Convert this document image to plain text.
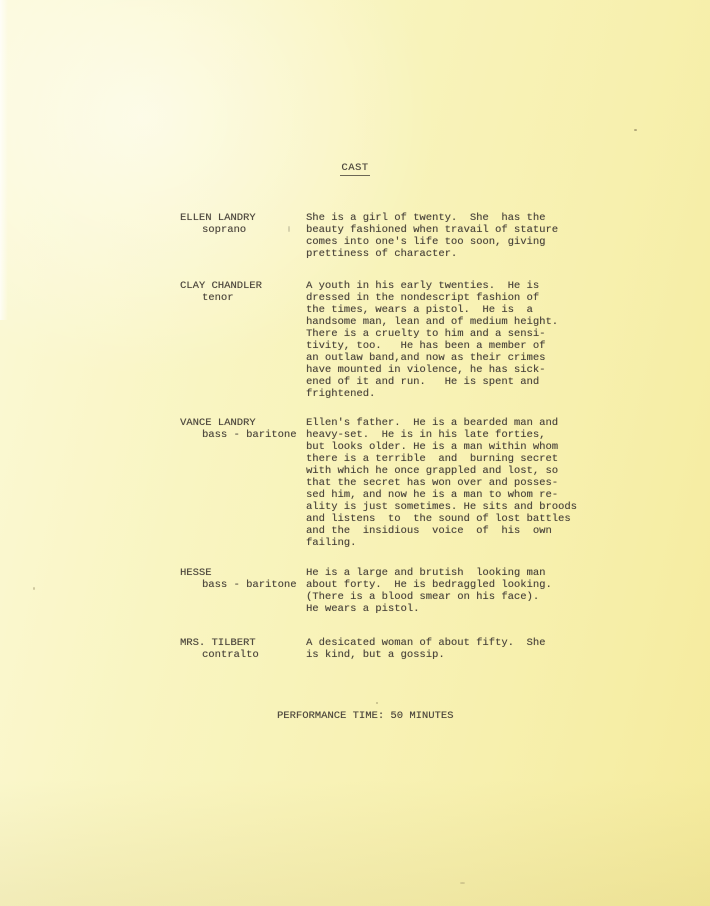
CAST
ELLEN LANDRY
soprano
She is a girl of twenty.  She  has the
beauty fashioned when travail of stature
comes into one's life too soon, giving
prettiness of character.
CLAY CHANDLER
tenor
A youth in his early twenties.  He is
dressed in the nondescript fashion of
the times, wears a pistol.  He is  a
handsome man, lean and of medium height.
There is a cruelty to him and a sensi-
tivity, too.   He has been a member of
an outlaw band,and now as their crimes
have mounted in violence, he has sick-
ened of it and run.   He is spent and
frightened.
VANCE LANDRY
bass - baritone
Ellen's father.  He is a bearded man and
heavy-set.  He is in his late forties,
but looks older. He is a man within whom
there is a terrible  and  burning secret
with which he once grappled and lost, so
that the secret has won over and posses-
sed him, and now he is a man to whom re-
ality is just sometimes. He sits and broods
and listens  to  the sound of lost battles
and the  insidious  voice  of  his  own
failing.
HESSE
bass - baritone
He is a large and brutish  looking man
about forty.  He is bedraggled looking.
(There is a blood smear on his face).
He wears a pistol.
MRS. TILBERT
contralto
A desicated woman of about fifty.  She
is kind, but a gossip.
PERFORMANCE TIME: 50 MINUTES
